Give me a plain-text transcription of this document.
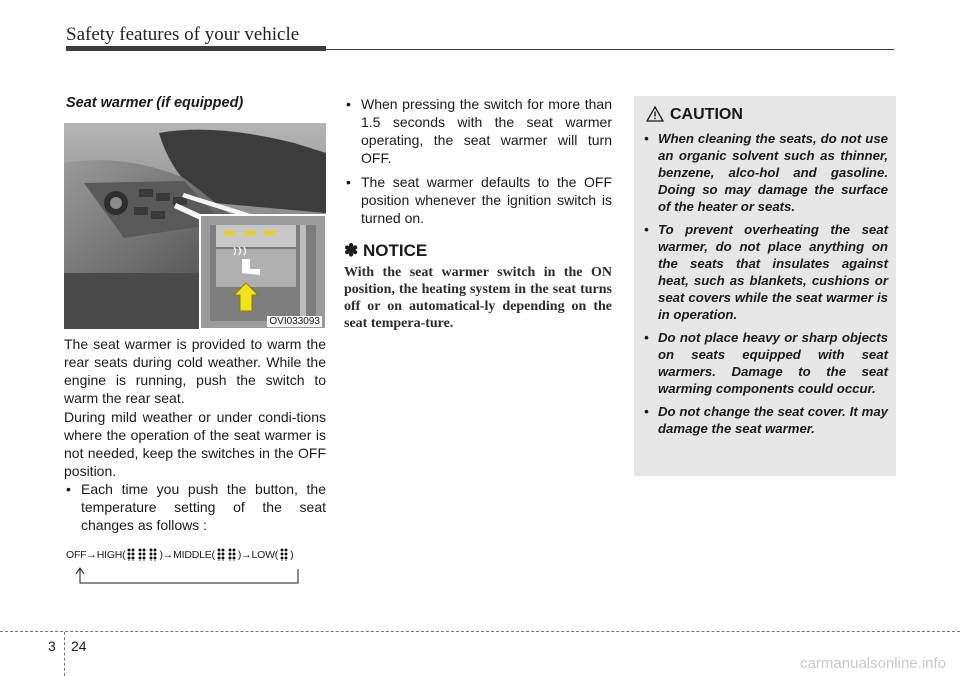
Safety features of your vehicle
Seat warmer (if equipped)
OVI033093

The seat warmer is provided to warm the rear seats during cold weather. While the engine is running, push the switch to warm the rear seat.

During mild weather or under condi-tions where the operation of the seat warmer is not needed, keep the switches in the OFF position.

• Each time you push the button, the temperature setting of the seat changes as follows :
OFF → HIGH(	) → MIDDLE( ) → LOW( )
• When pressing the switch for more than 1.5 seconds with the seat warmer operating, the seat warmer will turn OFF.
• The seat warmer defaults to the OFF position whenever the ignition switch is turned on.
✽ NOTICE

With the seat warmer switch in the ON position, the heating system in the seat turns off or on automatical-ly depending on the seat tempera-ture.

CAUTION
• When cleaning the seats, do not use an organic solvent such as thinner, benzene, alco-hol and gasoline. Doing so may damage the surface of the heater or seats.
• To prevent overheating the seat warmer, do not place anything on the seats that insulates against heat, such as blankets, cushions or seat covers while the seat warmer is in operation.
• Do not place heavy or sharp objects on seats equipped with seat warmers. Damage to the seat warming components could occur.
• Do not change the seat cover. It may damage the seat warmer.
3 24
carmanualsonline.info
